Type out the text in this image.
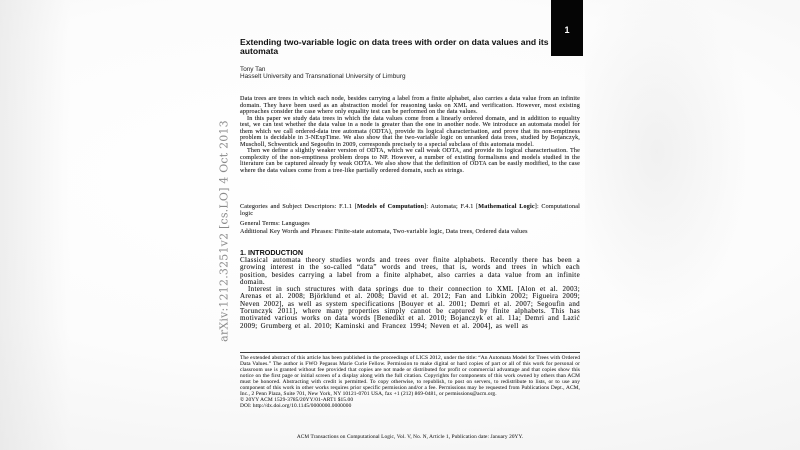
arXiv:1212.3251v2 [cs.LO] 4 Oct 2013
1
Extending two-variable logic on data trees with order on data values and its automata
Tony Tan
Hasselt University and Transnational University of Limburg

Data trees are trees in which each node, besides carrying a label from a finite alphabet, also carries a data value from an infinite domain. They have been used as an abstraction model for reasoning tasks on XML and verification. However, most existing approaches consider the case where only equality test can be performed on the data values.

In this paper we study data trees in which the data values come from a linearly ordered domain, and in addition to equality test, we can test whether the data value in a node is greater than the one in another node. We introduce an automata model for them which we call ordered-data tree automata (ODTA), provide its logical characterisation, and prove that its non-emptiness problem is decidable in 3-NExpTime. We also show that the two-variable logic on unranked data trees, studied by Bojanczyk, Muscholl, Schwentick and Segoufin in 2009, corresponds precisely to a special subclass of this automata model.

Then we define a slightly weaker version of ODTA, which we call weak ODTA, and provide its logical characterisation. The complexity of the non-emptiness problem drops to NP. However, a number of existing formalisms and models studied in the literature can be captured already by weak ODTA. We also show that the definition of ODTA can be easily modified, to the case where the data values come from a tree-like partially ordered domain, such as strings.

Categories and Subject Descriptors: F.1.1 [Models of Computation]: Automata; F.4.1 [Mathematical Logic]: Computational logic
General Terms: Languages
Additional Key Words and Phrases: Finite-state automata, Two-variable logic, Data trees, Ordered data values
1. INTRODUCTION

Classical automata theory studies words and trees over finite alphabets. Recently there has been a growing interest in the so-called “data” words and trees, that is, words and trees in which each position, besides carrying a label from a finite alphabet, also carries a data value from an infinite domain.

Interest in such structures with data springs due to their connection to XML [Alon et al. 2003; Arenas et al. 2008; Björklund et al. 2008; David et al. 2012; Fan and Libkin 2002; Figueira 2009; Neven 2002], as well as system specifications [Bouyer et al. 2001; Demri et al. 2007; Segoufin and Torunczyk 2011], where many properties simply cannot be captured by finite alphabets. This has motivated various works on data words [Benedikt et al. 2010; Bojanczyk et al. 11a; Demri and Lazić 2009; Grumberg et al. 2010; Kaminski and Francez 1994; Neven et al. 2004], as well as

The extended abstract of this article has been published in the proceedings of LICS 2012, under the title: “An Automata Model for Trees with Ordered Data Values.” The author is FWO Pegasus Marie Curie Fellow. Permission to make digital or hard copies of part or all of this work for personal or classroom use is granted without fee provided that copies are not made or distributed for profit or commercial advantage and that copies show this notice on the first page or initial screen of a display along with the full citation. Copyrights for components of this work owned by others than ACM must be honored. Abstracting with credit is permitted. To copy otherwise, to republish, to post on servers, to redistribute to lists, or to use any component of this work in other works requires prior specific permission and/or a fee. Permissions may be requested from Publications Dept., ACM, Inc., 2 Penn Plaza, Suite 701, New York, NY 10121-0701 USA, fax +1 (212) 869-0481, or permissions@acm.org.
© 20YY ACM 1529-3785/20YY/01-ART1 $15.00
DOI: http://dx.doi.org/10.1145/0000000.0000000
ACM Transactions on Computational Logic, Vol. V, No. N, Article 1, Publication date: January 20YY.
